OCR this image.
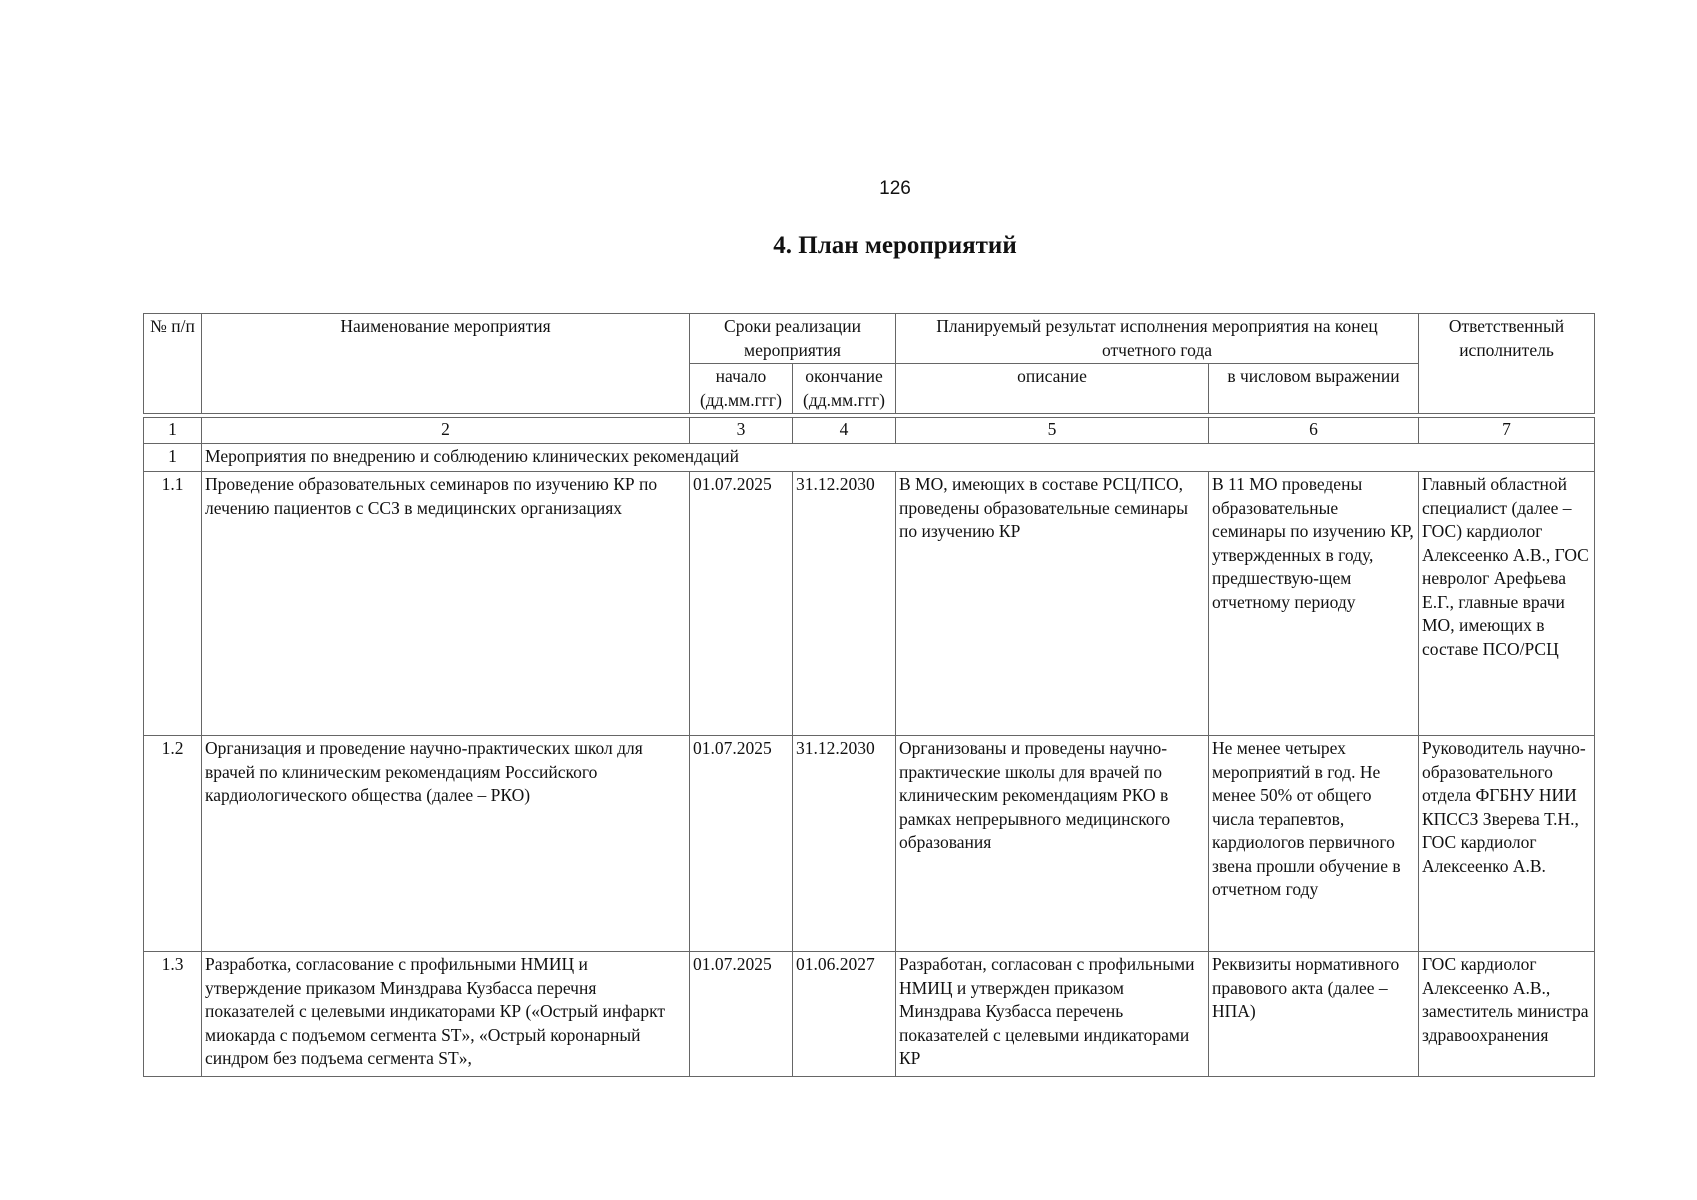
126
4. План мероприятий
№ п/п	Наименование мероприятия	Сроки реализации мероприятия		Планируемый результат исполнения мероприятия на конец отчетного года		Ответственный исполнитель
		начало (дд.мм.ггг)	окончание (дд.мм.ггг)	описание	в числовом выражении	

1	2	3	4	5	6	7
1	Мероприятия по внедрению и соблюдению клинических рекомендаций					
1.1	Проведение образовательных семинаров по изучению КР по лечению пациентов с ССЗ в медицинских организациях	01.07.2025	31.12.2030	В МО, имеющих в составе РСЦ/ПСО, проведены образовательные семинары по изучению КР	В 11 МО проведены образовательные семинары по изучению КР, утвержденных в году, предшествую-щем отчетному периоду	Главный областной специалист (далее – ГОС) кардиолог Алексеенко А.В., ГОС невролог Арефьева Е.Г., главные врачи МО, имеющих в составе ПСО/РСЦ
1.2	Организация и проведение научно-практических школ для врачей по клиническим рекомендациям Российского кардиологического общества (далее – РКО)	01.07.2025	31.12.2030	Организованы и проведены научно-практические школы для врачей по клиническим рекомендациям РКО в рамках непрерывного медицинского образования	Не менее четырех мероприятий в год. Не менее 50% от общего числа терапевтов, кардиологов первичного звена прошли обучение в отчетном году	Руководитель научно-образовательного отдела ФГБНУ НИИ КПССЗ Зверева Т.Н., ГОС кардиолог Алексеенко А.В.
1.3	Разработка, согласование с профильными НМИЦ и утверждение приказом Минздрава Кузбасса перечня показателей с целевыми индикаторами КР («Острый инфаркт миокарда с подъемом сегмента ST», «Острый коронарный синдром без подъема сегмента ST»,	01.07.2025	01.06.2027	Разработан, согласован с профильными НМИЦ и утвержден приказом Минздрава Кузбасса перечень показателей с целевыми индикаторами КР	Реквизиты нормативного правового акта (далее – НПА)	ГОС кардиолог Алексеенко А.В., заместитель министра здравоохранения
